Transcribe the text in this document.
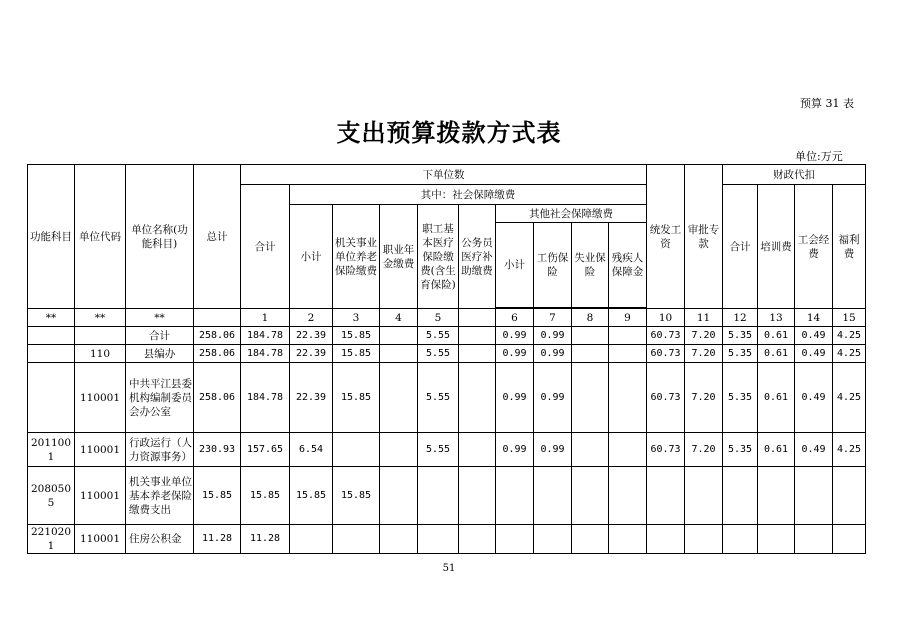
预算 31 表
支出预算拨款方式表
单位:万元
功能科目	单位代码	单位名称(功能科目)	总计	下单位数										统发工资	审批专款	财政代扣			
				合计	其中：社会保障缴费											合计	培训费	工会经费	福利费
					小计	机关事业单位养老保险缴费	职业年金缴费	职工基本医疗保险缴费(含生育保险)	公务员医疗补助缴费	其他社会保障缴费									
										小计	工伤保险	失业保险	残疾人保障金						

**	**	**		1	2	3	4	5		6	7	8	9	10	11	12	13	14	15
		合计	258.06	184.78	22.39	15.85		5.55		0.99	0.99			60.73	7.20	5.35	0.61	0.49	4.25
	110	县编办	258.06	184.78	22.39	15.85		5.55		0.99	0.99			60.73	7.20	5.35	0.61	0.49	4.25
	110001	中共平江县委机构编制委员会办公室	258.06	184.78	22.39	15.85		5.55		0.99	0.99			60.73	7.20	5.35	0.61	0.49	4.25
2011001	110001	行政运行（人力资源事务）	230.93	157.65	6.54			5.55		0.99	0.99			60.73	7.20	5.35	0.61	0.49	4.25
2080505	110001	机关事业单位基本养老保险缴费支出	15.85	15.85	15.85	15.85													
2210201	110001	住房公积金	11.28	11.28															
51
